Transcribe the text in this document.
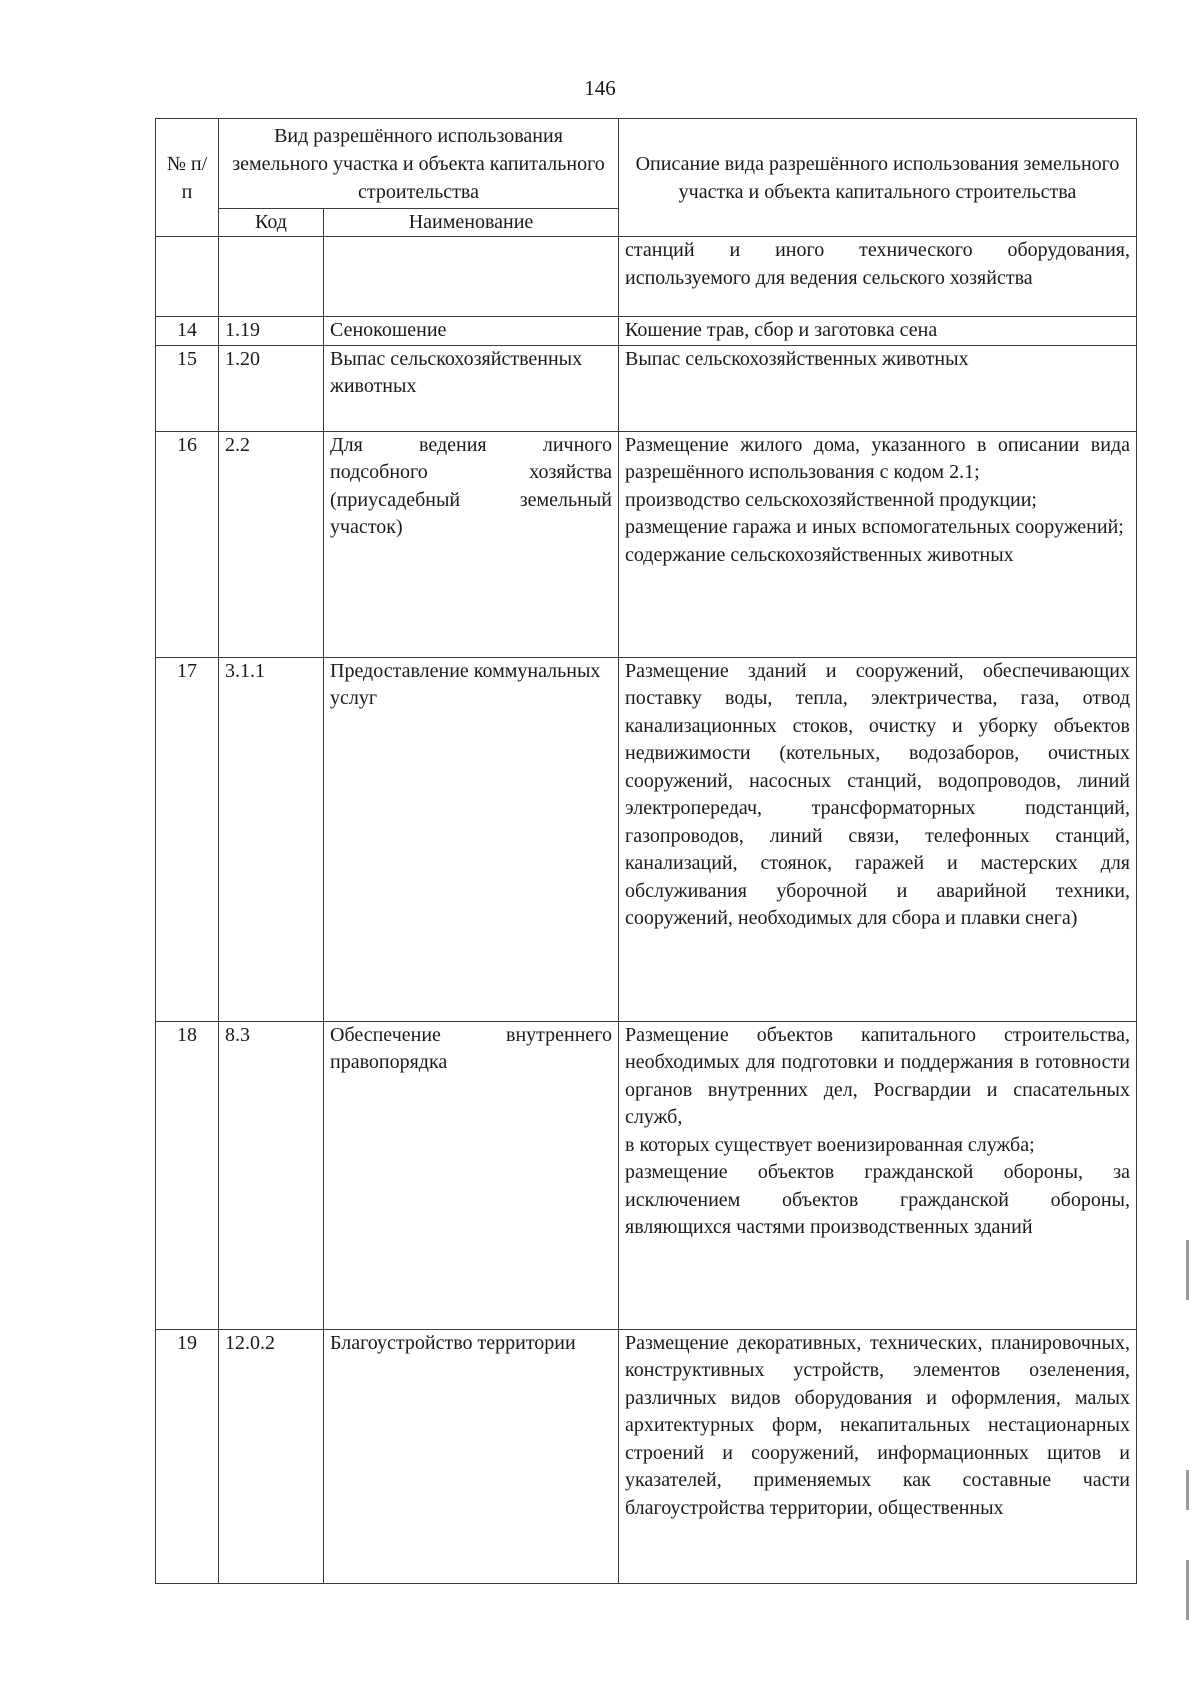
146
№ п/п	Вид разрешённого использования земельного участка и объекта капитального строительства		Описание вида разрешённого использования земельного участка и объекта капитального строительства
	Код	Наименование	
			станций и иного технического оборудования, используемого для ведения сельского хозяйства
14	1.19	Сенокошение	Кошение трав, сбор и заготовка сена

15	1.20	Выпас сельскохозяйственных животных	Выпас сельскохозяйственных животных

16	2.2	Для ведения личного подсобного хозяйства (приусадебный земельный участок)	Размещение жилого дома, указанного в описании вида разрешённого использования с кодом 2.1;
производство сельскохозяйственной продукции;
размещение гаража и иных вспомогательных сооружений;
содержание сельскохозяйственных животных

17	3.1.1	Предоставление коммунальных услуг	Размещение зданий и сооружений, обеспечивающих поставку воды, тепла, электричества, газа, отвод канализационных стоков, очистку и уборку объектов недвижимости (котельных, водозаборов, очистных сооружений, насосных станций, водопроводов, линий электропередач, трансформаторных подстанций, газопроводов, линий связи, телефонных станций, канализаций, стоянок, гаражей и мастерских для обслуживания уборочной и аварийной техники, сооружений, необходимых для сбора и плавки снега)

18	8.3	Обеспечение внутреннего правопорядка	Размещение объектов капитального строительства, необходимых для подготовки и поддержания в готовности органов внутренних дел, Росгвардии и спасательных служб,
в которых существует военизированная служба;
размещение объектов гражданской обороны, за исключением объектов гражданской обороны, являющихся частями производственных зданий

19	12.0.2	Благоустройство территории	Размещение декоративных, технических, планировочных, конструктивных устройств, элементов озеленения, различных видов оборудования и оформления, малых архитектурных форм, некапитальных нестационарных строений и сооружений, информационных щитов и указателей, применяемых как составные части благоустройства территории, общественных
